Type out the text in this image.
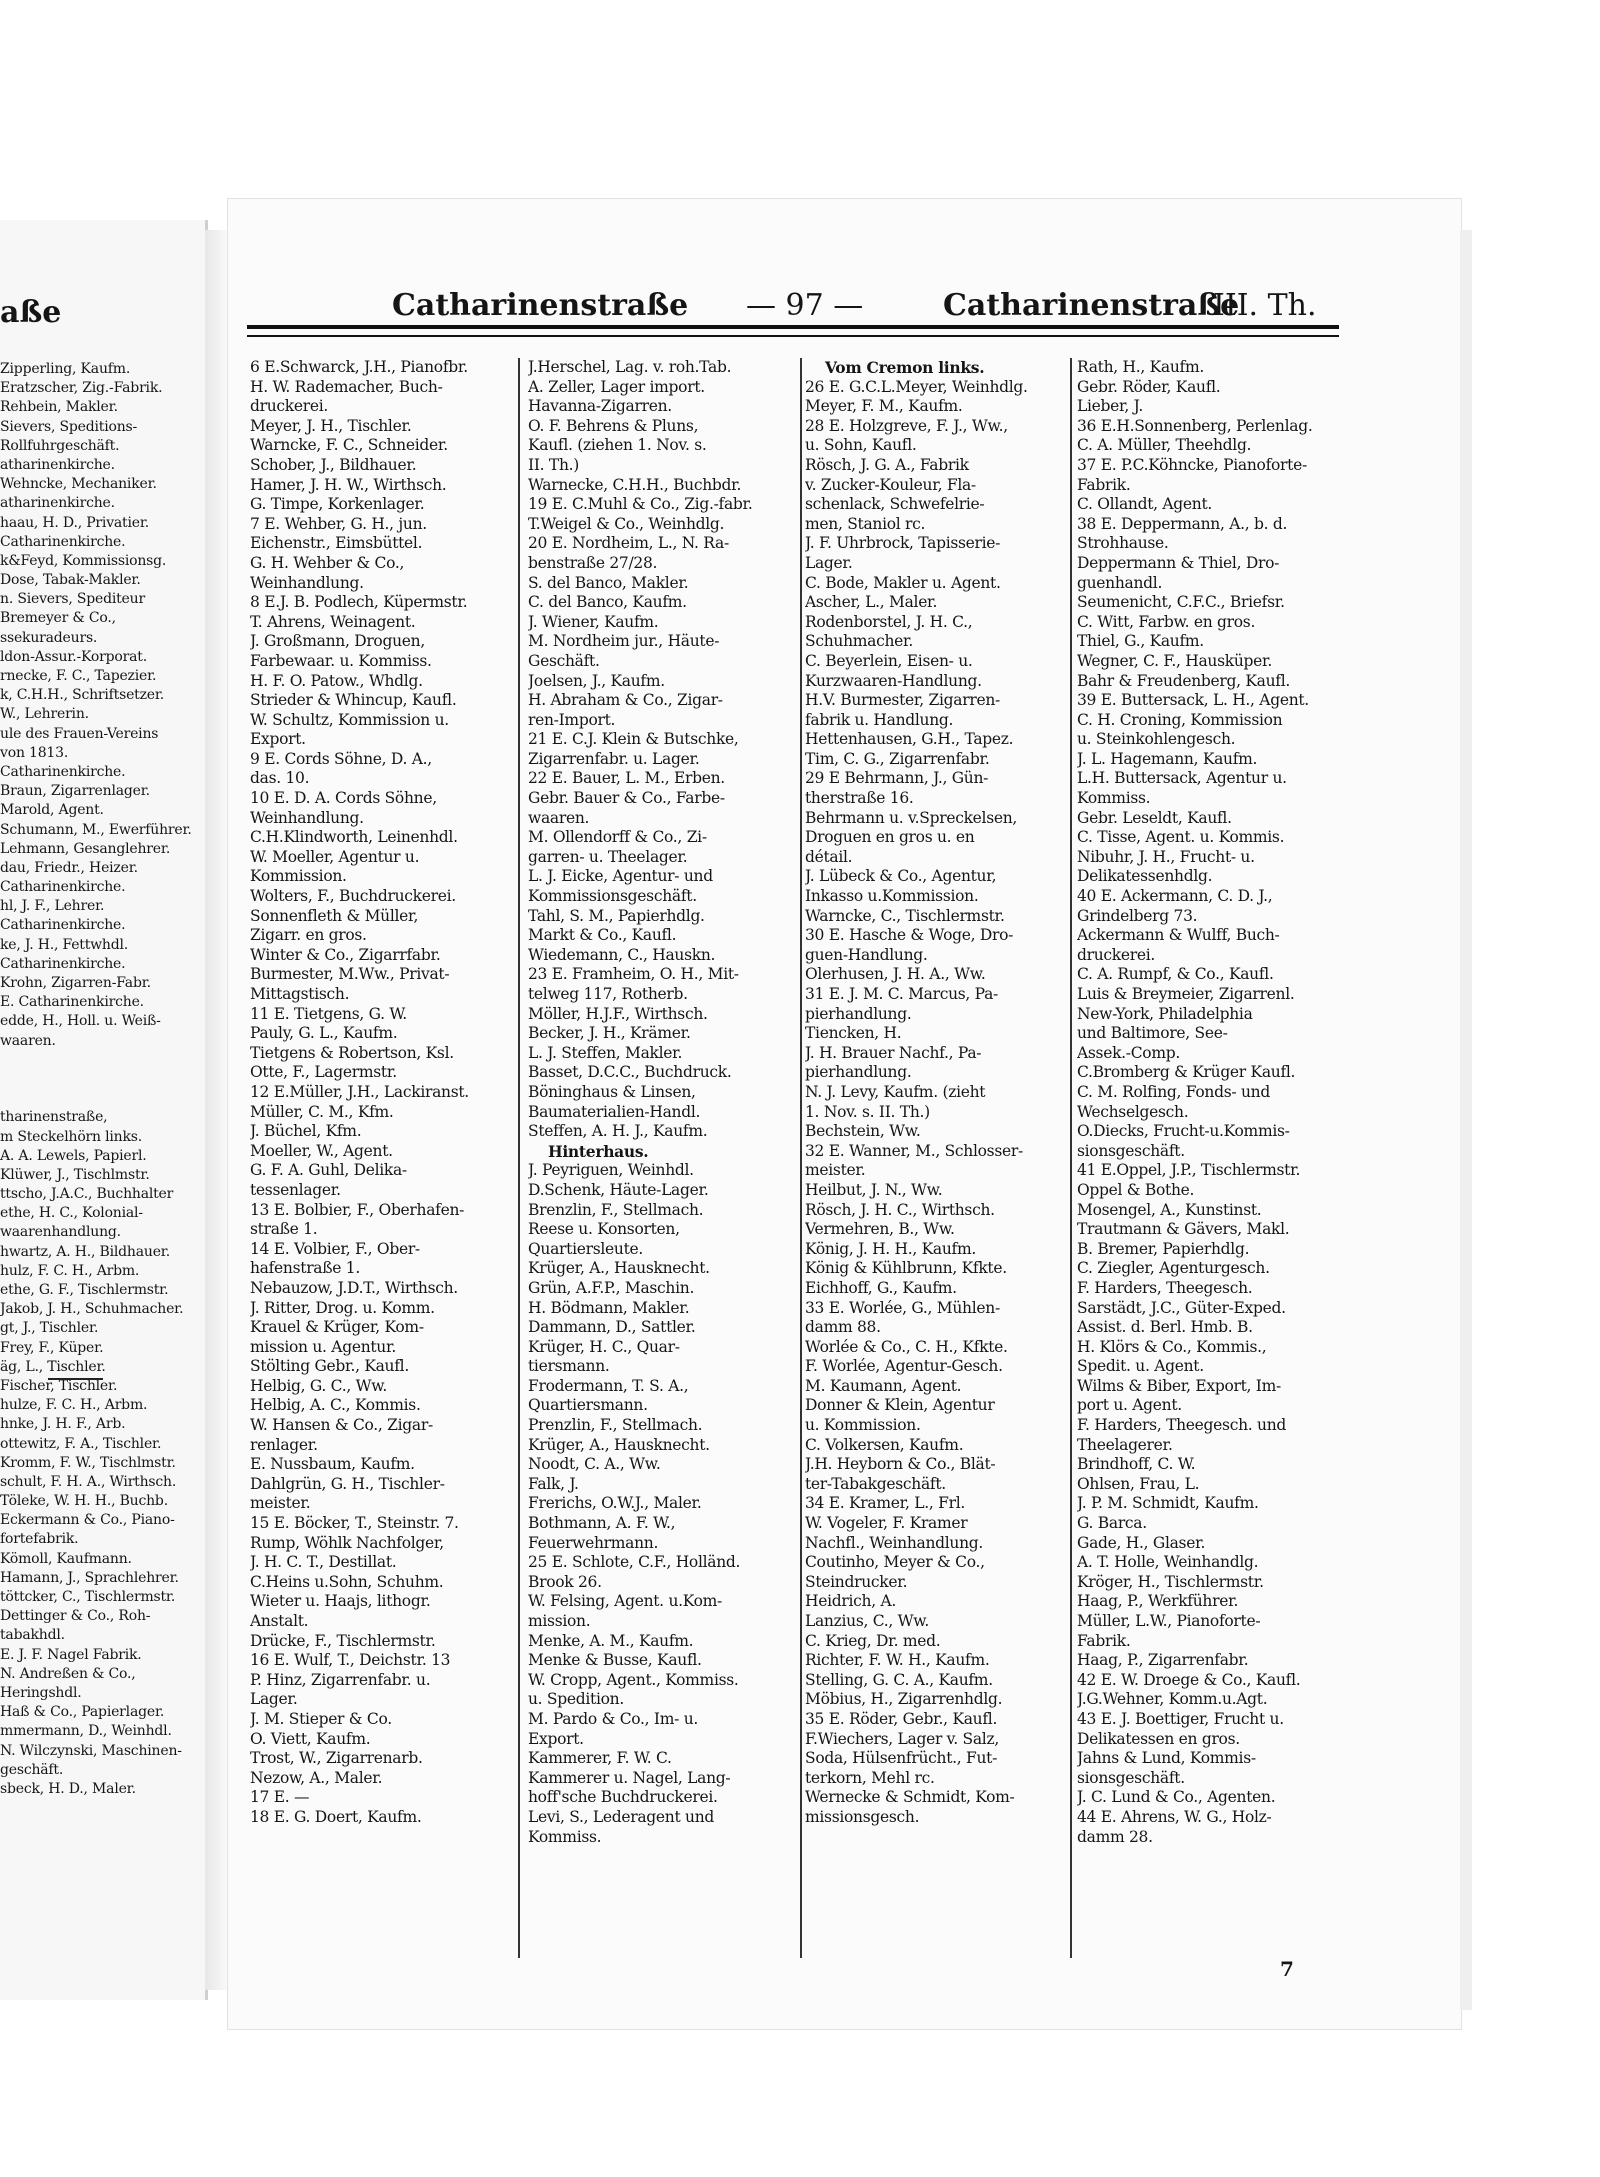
aße
Zipperling, Kaufm.
Eratzscher, Zig.-Fabrik.
Rehbein, Makler.
Sievers, Speditions-
Rollfuhrgeschäft.
atharinenkirche.
Wehncke, Mechaniker.
atharinenkirche.
haau, H. D., Privatier.
Catharinenkirche.
k&Feyd, Kommissionsg.
Dose, Tabak-Makler.
n. Sievers, Spediteur
Bremeyer & Co.,
ssekuradeurs.
ldon-Assur.-Korporat.
rnecke, F. C., Tapezier.
k, C.H.H., Schriftsetzer.
W., Lehrerin.
ule des Frauen-Vereins
von 1813.
Catharinenkirche.
Braun, Zigarrenlager.
Marold, Agent.
Schumann, M., Ewerführer.
Lehmann, Gesanglehrer.
dau, Friedr., Heizer.
Catharinenkirche.
hl, J. F., Lehrer.
Catharinenkirche.
ke, J. H., Fettwhdl.
Catharinenkirche.
Krohn, Zigarren-Fabr.
E. Catharinenkirche.
edde, H., Holl. u. Weiß-
waaren.
tharinenstraße,
m Steckelhörn links.
A. A. Lewels, Papierl.
Klüwer, J., Tischlmstr.
ttscho, J.A.C., Buchhalter
ethe, H. C., Kolonial-
waarenhandlung.
hwartz, A. H., Bildhauer.
hulz, F. C. H., Arbm.
ethe, G. F., Tischlermstr.
Jakob, J. H., Schuhmacher.
gt, J., Tischler.
Frey, F., Küper.
äg, L., Tischler.
Fischer, Tischler.
hulze, F. C. H., Arbm.
hnke, J. H. F., Arb.
ottewitz, F. A., Tischler.
Kromm, F. W., Tischlmstr.
schult, F. H. A., Wirthsch.
Töleke, W. H. H., Buchb.
Eckermann & Co., Piano-
fortefabrik.
Kömoll, Kaufmann.
Hamann, J., Sprachlehrer.
töttcker, C., Tischlermstr.
Dettinger & Co., Roh-
tabakhdl.
E. J. F. Nagel Fabrik.
N. Andreßen & Co.,
Heringshdl.
Haß & Co., Papierlager.
mmermann, D., Weinhdl.
N. Wilczynski, Maschinen-
geschäft.
sbeck, H. D., Maler.
Catharinenstraße — 97 —	Catharinenstraße
III. Th.
6 E.Schwarck, J.H., Pianofbr.
H. W. Rademacher, Buch-
druckerei.
Meyer, J. H., Tischler.
Warncke, F. C., Schneider.
Schober, J., Bildhauer.
Hamer, J. H. W., Wirthsch.
G. Timpe, Korkenlager.
7 E. Wehber, G. H., jun.
Eichenstr., Eimsbüttel.
G. H. Wehber & Co.,
Weinhandlung.
8 E.J. B. Podlech, Küpermstr.
T. Ahrens, Weinagent.
J. Großmann, Droguen,
Farbewaar. u. Kommiss.
H. F. O. Patow., Whdlg.
Strieder & Whincup, Kaufl.
W. Schultz, Kommission u.
Export.
9 E. Cords Söhne, D. A.,
das. 10.
10 E. D. A. Cords Söhne,
Weinhandlung.
C.H.Klindworth, Leinenhdl.
W. Moeller, Agentur u.
Kommission.
Wolters, F., Buchdruckerei.
Sonnenfleth & Müller,
Zigarr. en gros.
Winter & Co., Zigarrfabr.
Burmester, M.Ww., Privat-
Mittagstisch.
11 E. Tietgens, G. W.
Pauly, G. L., Kaufm.
Tietgens & Robertson, Ksl.
Otte, F., Lagermstr.
12 E.Müller, J.H., Lackiranst.
Müller, C. M., Kfm.
J. Büchel, Kfm.
Moeller, W., Agent.
G. F. A. Guhl, Delika-
tessenlager.
13 E. Bolbier, F., Oberhafen-
straße 1.
14 E. Volbier, F., Ober-
hafenstraße 1.
Nebauzow, J.D.T., Wirthsch.
J. Ritter, Drog. u. Komm.
Krauel & Krüger, Kom-
mission u. Agentur.
Stölting Gebr., Kaufl.
Helbig, G. C., Ww.
Helbig, A. C., Kommis.
W. Hansen & Co., Zigar-
renlager.
E. Nussbaum, Kaufm.
Dahlgrün, G. H., Tischler-
meister.
15 E. Böcker, T., Steinstr. 7.
Rump, Wöhlk Nachfolger,
J. H. C. T., Destillat.
C.Heins u.Sohn, Schuhm.
Wieter u. Haajs, lithogr.
Anstalt.
Drücke, F., Tischlermstr.
16 E. Wulf, T., Deichstr. 13
P. Hinz, Zigarrenfabr. u.
Lager.
J. M. Stieper & Co.
O. Viett, Kaufm.
Trost, W., Zigarrenarb.
Nezow, A., Maler.
17 E. —
18 E. G. Doert, Kaufm.
J.Herschel, Lag. v. roh.Tab.
A. Zeller, Lager import.
Havanna-Zigarren.
O. F. Behrens & Pluns,
Kaufl. (ziehen 1. Nov. s.
II. Th.)
Warnecke, C.H.H., Buchbdr.
19 E. C.Muhl & Co., Zig.-fabr.
T.Weigel & Co., Weinhdlg.
20 E. Nordheim, L., N. Ra-
benstraße 27/28.
S. del Banco, Makler.
C. del Banco, Kaufm.
J. Wiener, Kaufm.
M. Nordheim jur., Häute-
Geschäft.
Joelsen, J., Kaufm.
H. Abraham & Co., Zigar-
ren-Import.
21 E. C.J. Klein & Butschke,
Zigarrenfabr. u. Lager.
22 E. Bauer, L. M., Erben.
Gebr. Bauer & Co., Farbe-
waaren.
M. Ollendorff & Co., Zi-
garren- u. Theelager.
L. J. Eicke, Agentur- und
Kommissionsgeschäft.
Tahl, S. M., Papierhdlg.
Markt & Co., Kaufl.
Wiedemann, C., Hauskn.
23 E. Framheim, O. H., Mit-
telweg 117, Rotherb.
Möller, H.J.F., Wirthsch.
Becker, J. H., Krämer.
L. J. Steffen, Makler.
Basset, D.C.C., Buchdruck.
Böninghaus & Linsen,
Baumaterialien-Handl.
Steffen, A. H. J., Kaufm.
Hinterhaus.
J. Peyriguen, Weinhdl.
D.Schenk, Häute-Lager.
Brenzlin, F., Stellmach.
Reese u. Konsorten,
Quartiersleute.
Krüger, A., Hausknecht.
Grün, A.F.P., Maschin.
H. Bödmann, Makler.
Dammann, D., Sattler.
Krüger, H. C., Quar-
tiersmann.
Frodermann, T. S. A.,
Quartiersmann.
Prenzlin, F., Stellmach.
Krüger, A., Hausknecht.
Noodt, C. A., Ww.
Falk, J.
Frerichs, O.W.J., Maler.
Bothmann, A. F. W.,
Feuerwehrmann.
25 E. Schlote, C.F., Holländ.
Brook 26.
W. Felsing, Agent. u.Kom-
mission.
Menke, A. M., Kaufm.
Menke & Busse, Kaufl.
W. Cropp, Agent., Kommiss.
u. Spedition.
M. Pardo & Co., Im- u.
Export.
Kammerer, F. W. C.
Kammerer u. Nagel, Lang-
hoff'sche Buchdruckerei.
Levi, S., Lederagent und
Kommiss.
Vom Cremon links.
26 E. G.C.L.Meyer, Weinhdlg.
Meyer, F. M., Kaufm.
28 E. Holzgreve, F. J., Ww.,
u. Sohn, Kaufl.
Rösch, J. G. A., Fabrik
v. Zucker-Kouleur, Fla-
schenlack, Schwefelrie-
men, Staniol rc.
J. F. Uhrbrock, Tapisserie-
Lager.
C. Bode, Makler u. Agent.
Ascher, L., Maler.
Rodenborstel, J. H. C.,
Schuhmacher.
C. Beyerlein, Eisen- u.
Kurzwaaren-Handlung.
H.V. Burmester, Zigarren-
fabrik u. Handlung.
Hettenhausen, G.H., Tapez.
Tim, C. G., Zigarrenfabr.
29 E Behrmann, J., Gün-
therstraße 16.
Behrmann u. v.Spreckelsen,
Droguen en gros u. en
détail.
J. Lübeck & Co., Agentur,
Inkasso u.Kommission.
Warncke, C., Tischlermstr.
30 E. Hasche & Woge, Dro-
guen-Handlung.
Olerhusen, J. H. A., Ww.
31 E. J. M. C. Marcus, Pa-
pierhandlung.
Tiencken, H.
J. H. Brauer Nachf., Pa-
pierhandlung.
N. J. Levy, Kaufm. (zieht
1. Nov. s. II. Th.)
Bechstein, Ww.
32 E. Wanner, M., Schlosser-
meister.
Heilbut, J. N., Ww.
Rösch, J. H. C., Wirthsch.
Vermehren, B., Ww.
König, J. H. H., Kaufm.
König & Kühlbrunn, Kfkte.
Eichhoff, G., Kaufm.
33 E. Worlée, G., Mühlen-
damm 88.
Worlée & Co., C. H., Kfkte.
F. Worlée, Agentur-Gesch.
M. Kaumann, Agent.
Donner & Klein, Agentur
u. Kommission.
C. Volkersen, Kaufm.
J.H. Heyborn & Co., Blät-
ter-Tabakgeschäft.
34 E. Kramer, L., Frl.
W. Vogeler, F. Kramer
Nachfl., Weinhandlung.
Coutinho, Meyer & Co.,
Steindrucker.
Heidrich, A.
Lanzius, C., Ww.
C. Krieg, Dr. med.
Richter, F. W. H., Kaufm.
Stelling, G. C. A., Kaufm.
Möbius, H., Zigarrenhdlg.
35 E. Röder, Gebr., Kaufl.
F.Wiechers, Lager v. Salz,
Soda, Hülsenfrücht., Fut-
terkorn, Mehl rc.
Wernecke & Schmidt, Kom-
missionsgesch.
Rath, H., Kaufm.
Gebr. Röder, Kaufl.
Lieber, J.
36 E.H.Sonnenberg, Perlenlag.
C. A. Müller, Theehdlg.
37 E. P.C.Köhncke, Pianoforte-
Fabrik.
C. Ollandt, Agent.
38 E. Deppermann, A., b. d.
Strohhause.
Deppermann & Thiel, Dro-
guenhandl.
Seumenicht, C.F.C., Briefsr.
C. Witt, Farbw. en gros.
Thiel, G., Kaufm.
Wegner, C. F., Hausküper.
Bahr & Freudenberg, Kaufl.
39 E. Buttersack, L. H., Agent.
C. H. Croning, Kommission
u. Steinkohlengesch.
J. L. Hagemann, Kaufm.
L.H. Buttersack, Agentur u.
Kommiss.
Gebr. Leseldt, Kaufl.
C. Tisse, Agent. u. Kommis.
Nibuhr, J. H., Frucht- u.
Delikatessenhdlg.
40 E. Ackermann, C. D. J.,
Grindelberg 73.
Ackermann & Wulff, Buch-
druckerei.
C. A. Rumpf, & Co., Kaufl.
Luis & Breymeier, Zigarrenl.
New-York, Philadelphia
und Baltimore, See-
Assek.-Comp.
C.Bromberg & Krüger Kaufl.
C. M. Rolfing, Fonds- und
Wechselgesch.
O.Diecks, Frucht-u.Kommis-
sionsgeschäft.
41 E.Oppel, J.P., Tischlermstr.
Oppel & Bothe.
Mosengel, A., Kunstinst.
Trautmann & Gävers, Makl.
B. Bremer, Papierhdlg.
C. Ziegler, Agenturgesch.
F. Harders, Theegesch.
Sarstädt, J.C., Güter-Exped.
Assist. d. Berl. Hmb. B.
H. Klörs & Co., Kommis.,
Spedit. u. Agent.
Wilms & Biber, Export, Im-
port u. Agent.
F. Harders, Theegesch. und
Theelagerer.
Brindhoff, C. W.
Ohlsen, Frau, L.
J. P. M. Schmidt, Kaufm.
G. Barca.
Gade, H., Glaser.
A. T. Holle, Weinhandlg.
Kröger, H., Tischlermstr.
Haag, P., Werkführer.
Müller, L.W., Pianoforte-
Fabrik.
Haag, P., Zigarrenfabr.
42 E. W. Droege & Co., Kaufl.
J.G.Wehner, Komm.u.Agt.
43 E. J. Boettiger, Frucht u.
Delikatessen en gros.
Jahns & Lund, Kommis-
sionsgeschäft.
J. C. Lund & Co., Agenten.
44 E. Ahrens, W. G., Holz-
damm 28.
7
